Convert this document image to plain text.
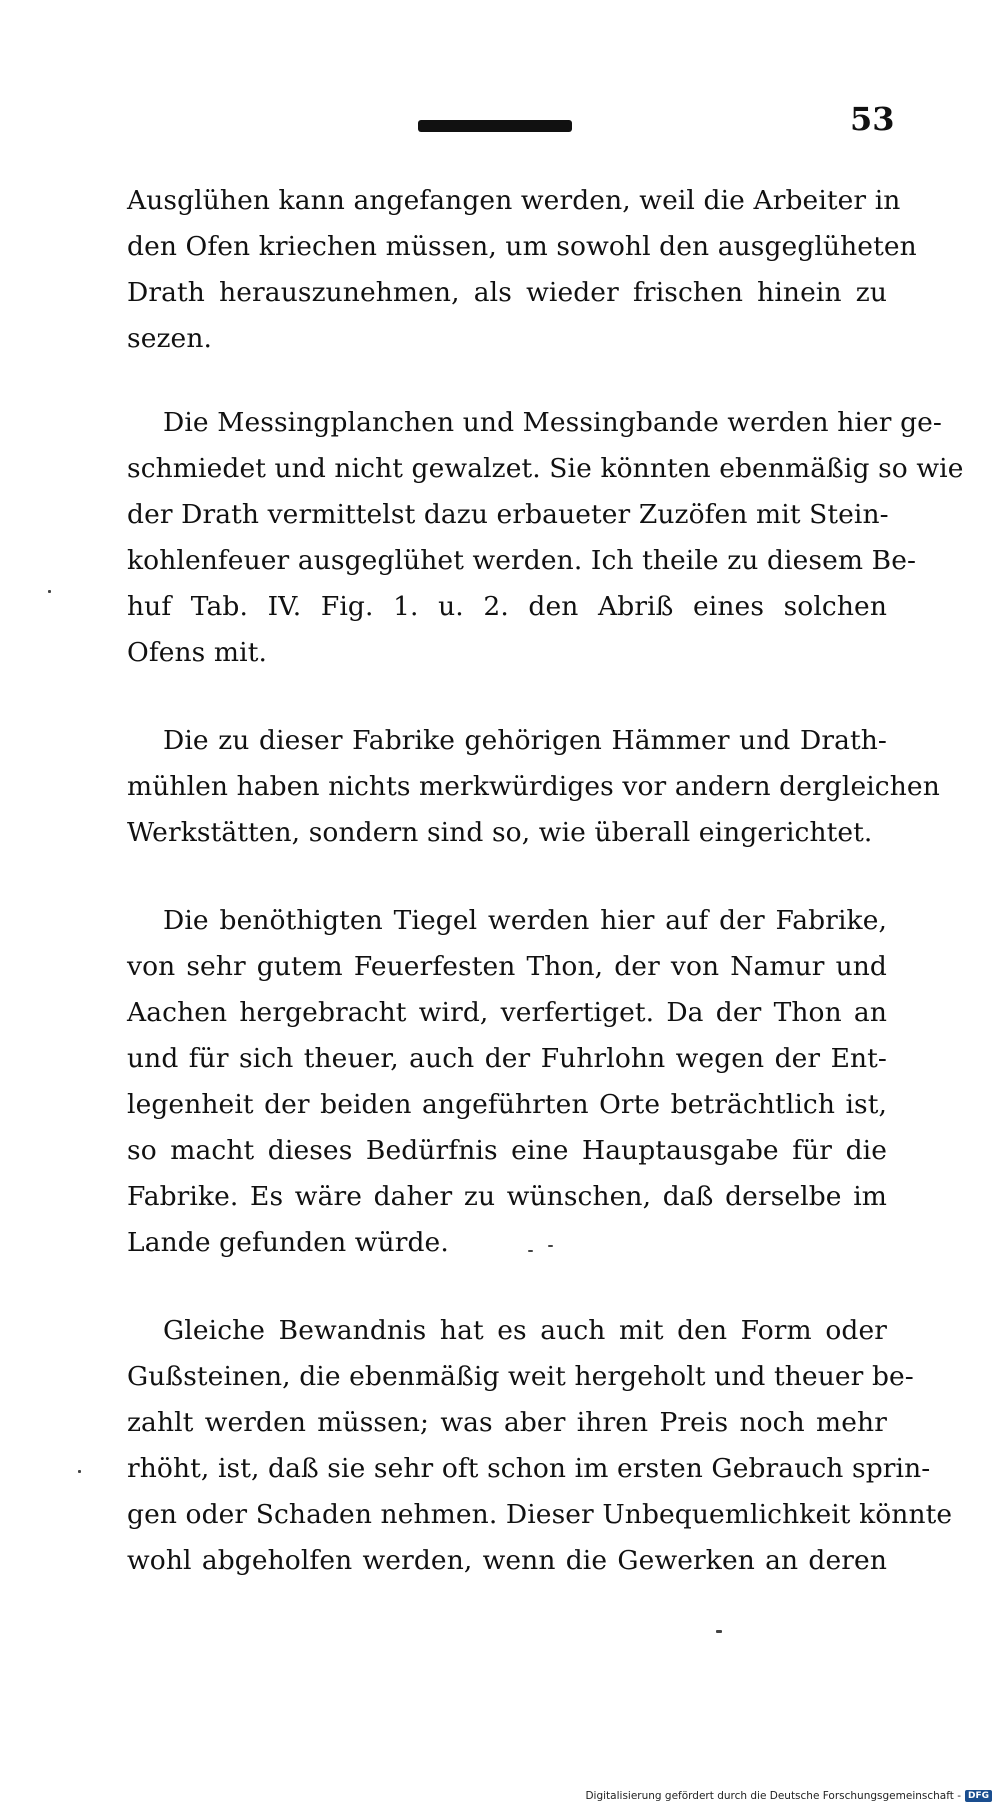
53
Ausglühen kann angefangen werden, weil die Arbeiter in
den Ofen kriechen müssen, um sowohl den ausgeglüheten
Drath herauszunehmen, als wieder frischen hinein zu
sezen.
Die Messingplanchen und Messingbande werden hier ge-
schmiedet und nicht gewalzet. Sie könnten ebenmäßig so wie
der Drath vermittelst dazu erbaueter Zuzöfen mit Stein-
kohlenfeuer ausgeglühet werden. Ich theile zu diesem Be-
huf Tab. IV. Fig. 1. u. 2. den Abriß eines solchen
Ofens mit.
Die zu dieser Fabrike gehörigen Hämmer und Drath-
mühlen haben nichts merkwürdiges vor andern dergleichen
Werkstätten, sondern sind so, wie überall eingerichtet.
Die benöthigten Tiegel werden hier auf der Fabrike,
von sehr gutem Feuerfesten Thon, der von Namur und
Aachen hergebracht wird, verfertiget. Da der Thon an
und für sich theuer, auch der Fuhrlohn wegen der Ent-
legenheit der beiden angeführten Orte beträchtlich ist,
so macht dieses Bedürfnis eine Hauptausgabe für die
Fabrike. Es wäre daher zu wünschen, daß derselbe im
Lande gefunden würde.
Gleiche Bewandnis hat es auch mit den Form oder
Gußsteinen, die ebenmäßig weit hergeholt und theuer be-
zahlt werden müssen; was aber ihren Preis noch mehr
rhöht, ist, daß sie sehr oft schon im ersten Gebrauch sprin-
gen oder Schaden nehmen. Dieser Unbequemlichkeit könnte
wohl abgeholfen werden, wenn die Gewerken an deren
Digitalisierung gefördert durch die Deutsche Forschungsgemeinschaft - DFG
